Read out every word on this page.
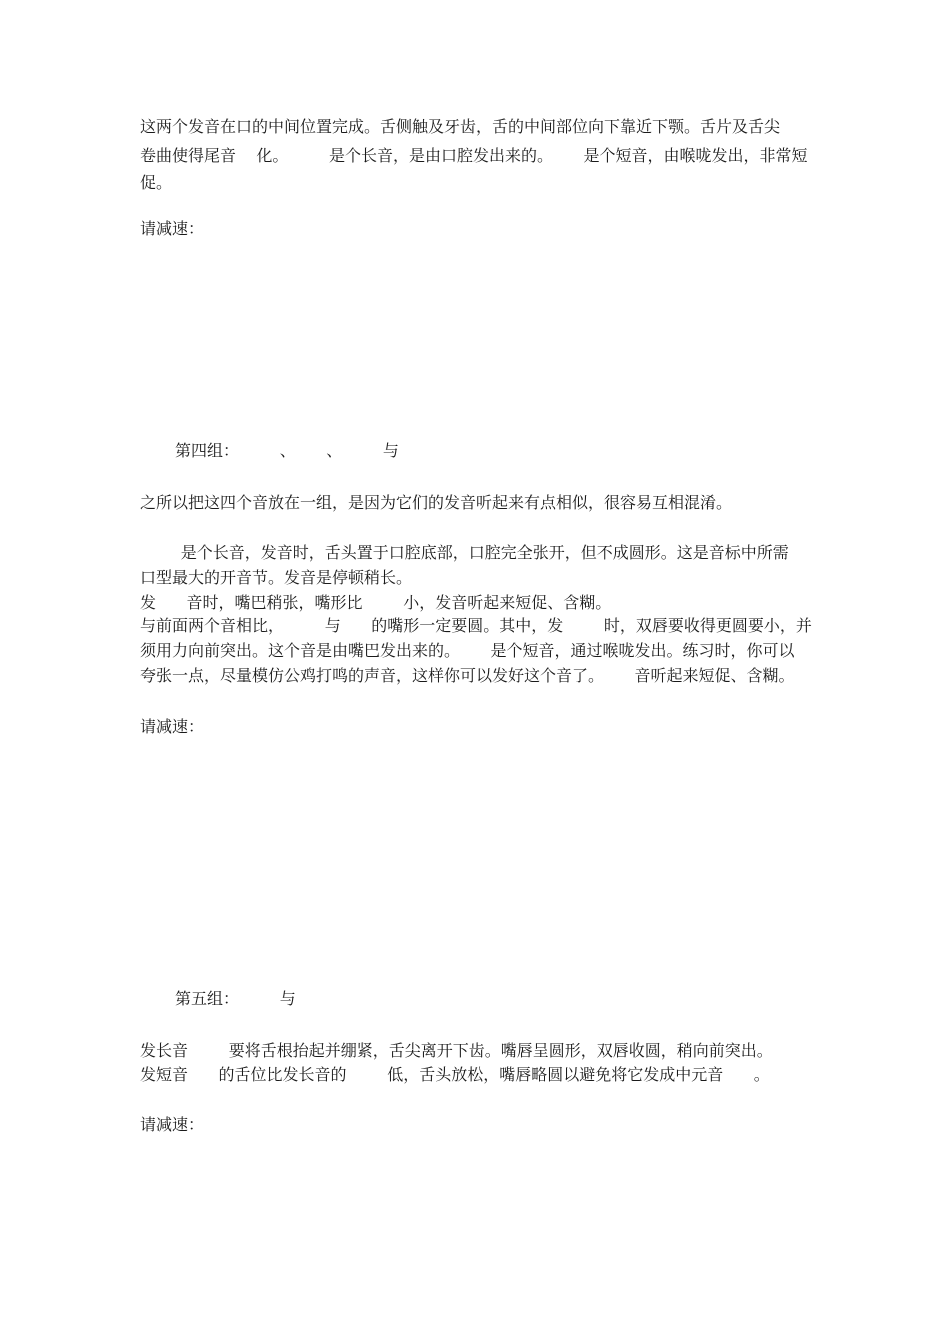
这两个发音在口的中间位置完成。舌侧触及牙齿，舌的中间部位向下靠近下颚。舌片及舌尖
卷曲使得尾音    化。        是个长音，是由口腔发出来的。      是个短音，由喉咙发出，非常短
促。
请减速：
第四组：        、      、        与
之所以把这四个音放在一组，是因为它们的发音听起来有点相似，很容易互相混淆。
是个长音，发音时，舌头置于口腔底部，口腔完全张开，但不成圆形。这是音标中所需
口型最大的开音节。发音是停顿稍长。
发      音时，嘴巴稍张，嘴形比        小，发音听起来短促、含糊。
与前面两个音相比，        与      的嘴形一定要圆。其中，发        时，双唇要收得更圆要小，并
须用力向前突出。这个音是由嘴巴发出来的。      是个短音，通过喉咙发出。练习时，你可以
夸张一点，尽量模仿公鸡打鸣的声音，这样你可以发好这个音了。      音听起来短促、含糊。
请减速：
第五组：        与
发长音        要将舌根抬起并绷紧，舌尖离开下齿。嘴唇呈圆形，双唇收圆，稍向前突出。
发短音      的舌位比发长音的        低，舌头放松，嘴唇略圆以避免将它发成中元音      。
请减速：
